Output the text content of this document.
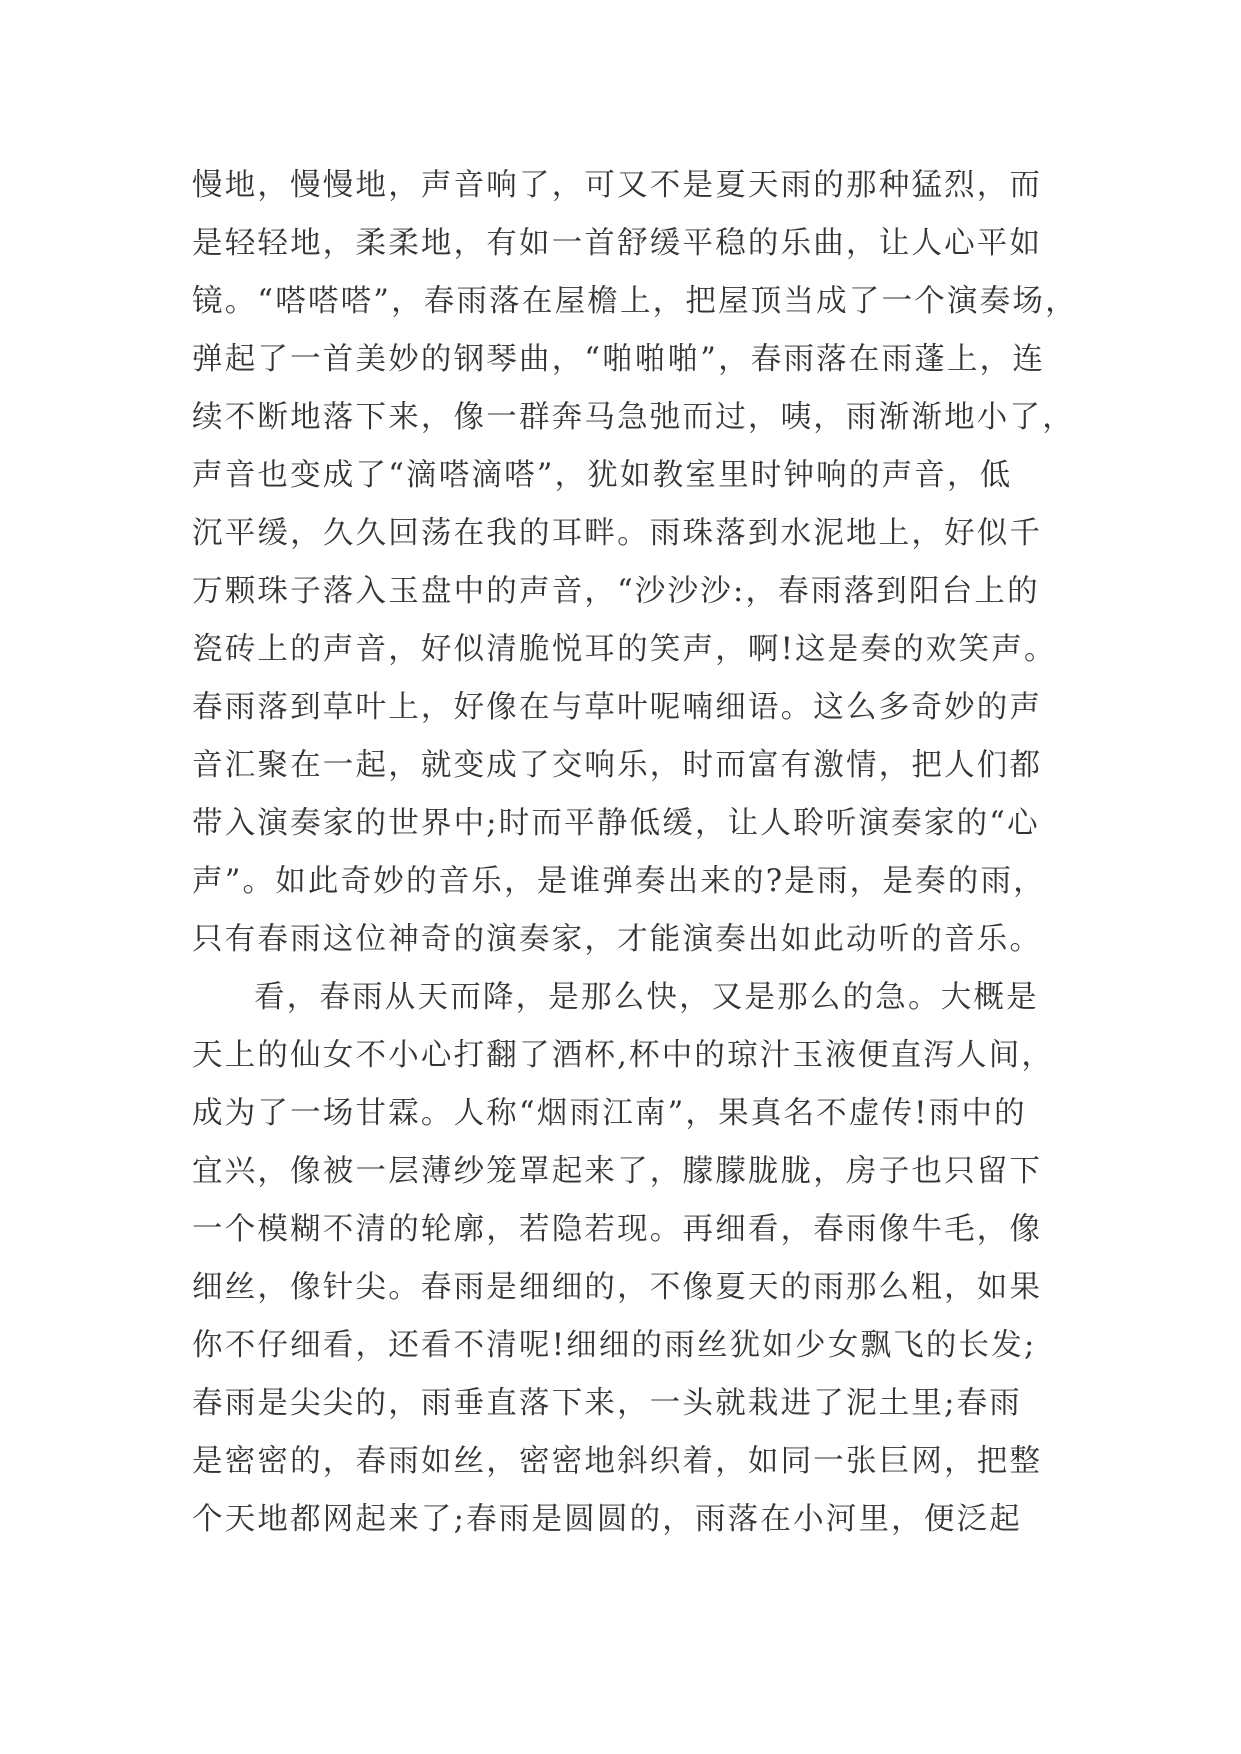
慢地，慢慢地，声音响了，可又不是夏天雨的那种猛烈，而

是轻轻地，柔柔地，有如一首舒缓平稳的乐曲，让人心平如

镜。“嗒嗒嗒”，春雨落在屋檐上，把屋顶当成了一个演奏场，

弹起了一首美妙的钢琴曲，“啪啪啪”，春雨落在雨蓬上，连

续不断地落下来，像一群奔马急弛而过，咦，雨渐渐地小了，

声音也变成了“滴嗒滴嗒”，犹如教室里时钟响的声音，低

沉平缓，久久回荡在我的耳畔。雨珠落到水泥地上，好似千

万颗珠子落入玉盘中的声音，“沙沙沙:，春雨落到阳台上的

瓷砖上的声音，好似清脆悦耳的笑声，啊!这是奏的欢笑声。

春雨落到草叶上，好像在与草叶呢喃细语。这么多奇妙的声

音汇聚在一起，就变成了交响乐，时而富有激情，把人们都

带入演奏家的世界中;时而平静低缓，让人聆听演奏家的“心

声”。如此奇妙的音乐，是谁弹奏出来的?是雨，是奏的雨，

只有春雨这位神奇的演奏家，才能演奏出如此动听的音乐。

看，春雨从天而降，是那么快，又是那么的急。大概是

天上的仙女不小心打翻了酒杯,杯中的琼汁玉液便直泻人间，

成为了一场甘霖。人称“烟雨江南”，果真名不虚传!雨中的

宜兴，像被一层薄纱笼罩起来了，朦朦胧胧，房子也只留下

一个模糊不清的轮廓，若隐若现。再细看，春雨像牛毛，像

细丝，像针尖。春雨是细细的，不像夏天的雨那么粗，如果

你不仔细看，还看不清呢!细细的雨丝犹如少女飘飞的长发;

春雨是尖尖的，雨垂直落下来，一头就栽进了泥土里;春雨

是密密的，春雨如丝，密密地斜织着，如同一张巨网，把整

个天地都网起来了;春雨是圆圆的，雨落在小河里，便泛起
